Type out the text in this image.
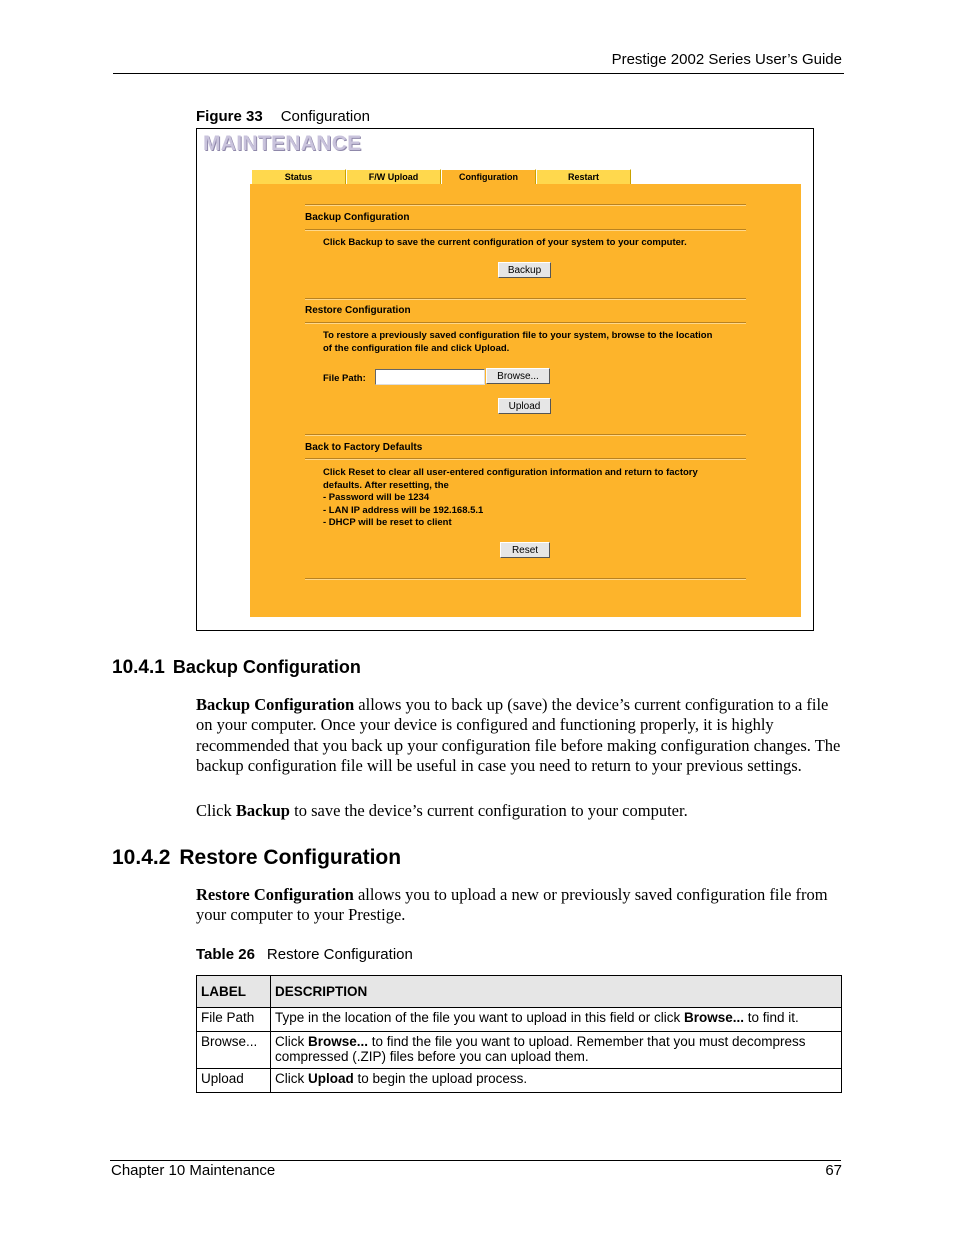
Prestige 2002 Series User’s Guide
Figure 33 Configuration
MAINTENANCE
Status	F/W Upload	Configuration	Restart
Backup Configuration
Click Backup to save the current configuration of your system to your computer.
Backup
Restore Configuration
To restore a previously saved configuration file to your system, browse to the location
of the configuration file and click Upload.
File Path:	Browse...
Upload
Back to Factory Defaults
Click Reset to clear all user-entered configuration information and return to factory
defaults. After resetting, the
- Password will be 1234
- LAN IP address will be 192.168.5.1
- DHCP will be reset to client
Reset
10.4.1 Backup Configuration
Backup Configuration allows you to back up (save) the device’s current configuration to a file on your computer. Once your device is configured and functioning properly, it is highly recommended that you back up your configuration file before making configuration changes. The backup configuration file will be useful in case you need to return to your previous settings.
Click Backup to save the device’s current configuration to your computer.
10.4.2 Restore Configuration
Restore Configuration allows you to upload a new or previously saved configuration file from your computer to your Prestige.
Table 26 Restore Configuration
LABEL	DESCRIPTION
File Path	Type in the location of the file you want to upload in this field or click Browse... to find it.
Browse...	Click Browse... to find the file you want to upload. Remember that you must decompress compressed (.ZIP) files before you can upload them.
Upload	Click Upload to begin the upload process.
Chapter 10 Maintenance	67
